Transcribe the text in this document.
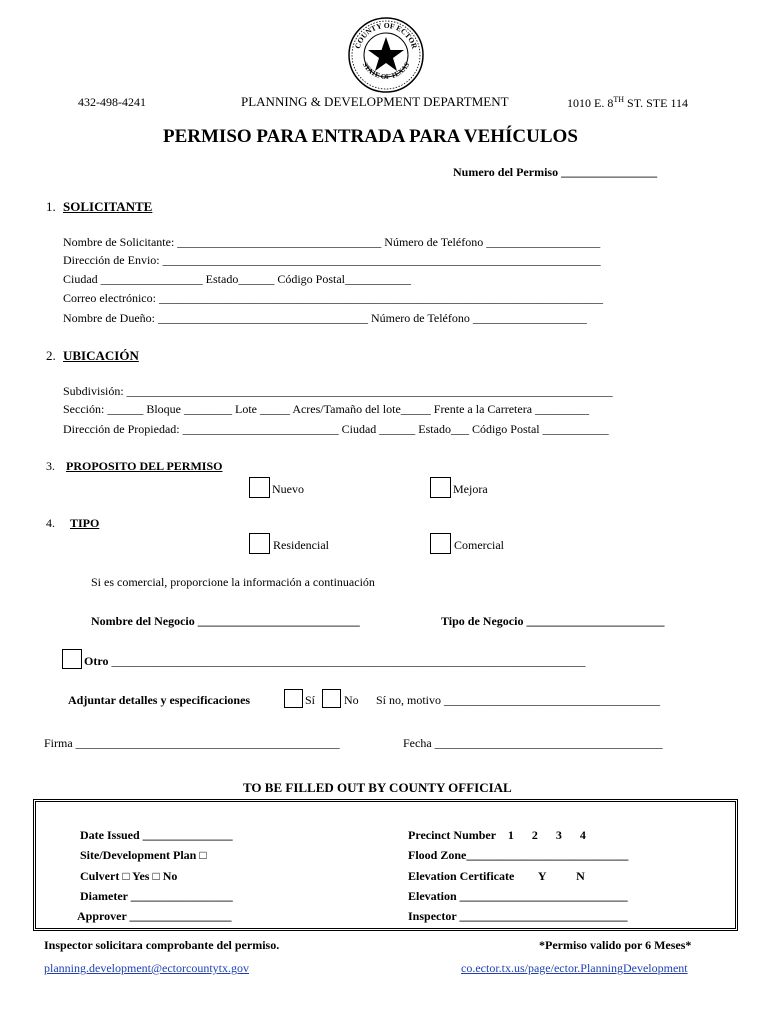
COUNTY OF ECTOR
STATE OF TEXAS
432-498-4241	PLANNING & DEVELOPMENT DEPARTMENT	1010 E. 8TH ST. STE 114
PERMISO PARA ENTRADA PARA VEHÍCULOS
Numero del Permiso ________________
1. SOLICITANTE
Nombre de Solicitante: __________________________________ Número de Teléfono ___________________
Dirección de Envio: _________________________________________________________________________
Ciudad _________________ Estado______ Código Postal___________
Correo electrónico: __________________________________________________________________________
Nombre de Dueño: ___________________________________ Número de Teléfono ___________________
2. UBICACIÓN
Subdivisión: _________________________________________________________________________________
Sección: ______ Bloque ________ Lote _____ Acres/Tamaño del lote_____ Frente a la Carretera _________
Dirección de Propiedad: __________________________ Ciudad ______ Estado___ Código Postal ___________
3. PROPOSITO DEL PERMISO
Nuevo	Mejora
4. TIPO
Residencial	Comercial
Si es comercial, proporcione la información a continuación
Nombre del Negocio ___________________________	Tipo de Negocio _______________________
Otro _______________________________________________________________________________
Adjuntar detalles y especificaciones	Sí No Sí no, motivo ____________________________________
Firma ____________________________________________	Fecha ______________________________________
TO BE FILLED OUT BY COUNTY OFFICIAL
Date Issued _______________
Site/Development Plan □
Culvert □ Yes □ No
Diameter _________________
Approver _________________
Precinct Number    1      2      3      4
Flood Zone___________________________
Elevation Certificate        Y          N
Elevation ____________________________
Inspector ____________________________
Inspector solicitara comprobante del permiso.	*Permiso valido por 6 Meses*
planning.development@ectorcountytx.gov	co.ector.tx.us/page/ector.PlanningDevelopment
